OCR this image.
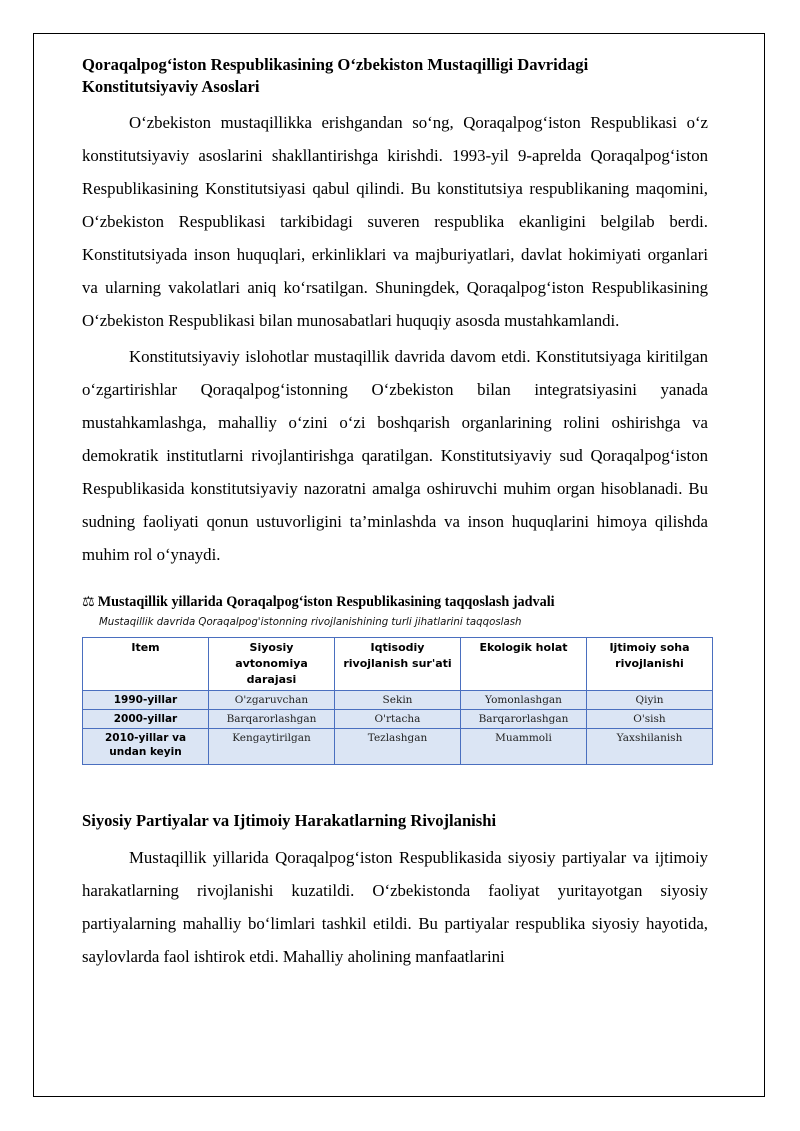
Qoraqalpog‘iston Respublikasining O‘zbekiston Mustaqilligi Davridagi Konstitutsiyaviy Asoslari

O‘zbekiston mustaqillikka erishgandan so‘ng, Qoraqalpog‘iston Respublikasi o‘z konstitutsiyaviy asoslarini shakllantirishga kirishdi. 1993-yil 9-aprelda Qoraqalpog‘iston Respublikasining Konstitutsiyasi qabul qilindi. Bu konstitutsiya respublikaning maqomini, O‘zbekiston Respublikasi tarkibidagi suveren respublika ekanligini belgilab berdi. Konstitutsiyada inson huquqlari, erkinliklari va majburiyatlari, davlat hokimiyati organlari va ularning vakolatlari aniq ko‘rsatilgan. Shuningdek, Qoraqalpog‘iston Respublikasining O‘zbekiston Respublikasi bilan munosabatlari huquqiy asosda mustahkamlandi.

Konstitutsiyaviy islohotlar mustaqillik davrida davom etdi. Konstitutsiyaga kiritilgan o‘zgartirishlar Qoraqalpog‘istonning O‘zbekiston bilan integratsiyasini yanada mustahkamlashga, mahalliy o‘zini o‘zi boshqarish organlarining rolini oshirishga va demokratik institutlarni rivojlantirishga qaratilgan. Konstitutsiyaviy sud Qoraqalpog‘iston Respublikasida konstitutsiyaviy nazoratni amalga oshiruvchi muhim organ hisoblanadi. Bu sudning faoliyati qonun ustuvorligini ta’minlashda va inson huquqlarini himoya qilishda muhim rol o‘ynaydi.

⚖ Mustaqillik yillarida Qoraqalpog‘iston Respublikasining taqqoslash jadvali
Mustaqillik davrida Qoraqalpog'istonning rivojlanishining turli jihatlarini taqqoslash
Item	Siyosiy avtonomiya darajasi	Iqtisodiy rivojlanish sur'ati	Ekologik holat	Ijtimoiy soha rivojlanishi
1990-yillar	O'zgaruvchan	Sekin	Yomonlashgan	Qiyin
2000-yillar	Barqarorlashgan	O'rtacha	Barqarorlashgan	O'sish
2010-yillar va undan keyin	Kengaytirilgan	Tezlashgan	Muammoli	Yaxshilanish
Siyosiy Partiyalar va Ijtimoiy Harakatlarning Rivojlanishi

Mustaqillik yillarida Qoraqalpog‘iston Respublikasida siyosiy partiyalar va ijtimoiy harakatlarning rivojlanishi kuzatildi. O‘zbekistonda faoliyat yuritayotgan siyosiy partiyalarning mahalliy bo‘limlari tashkil etildi. Bu partiyalar respublika siyosiy hayotida, saylovlarda faol ishtirok etdi. Mahalliy aholining manfaatlarini
